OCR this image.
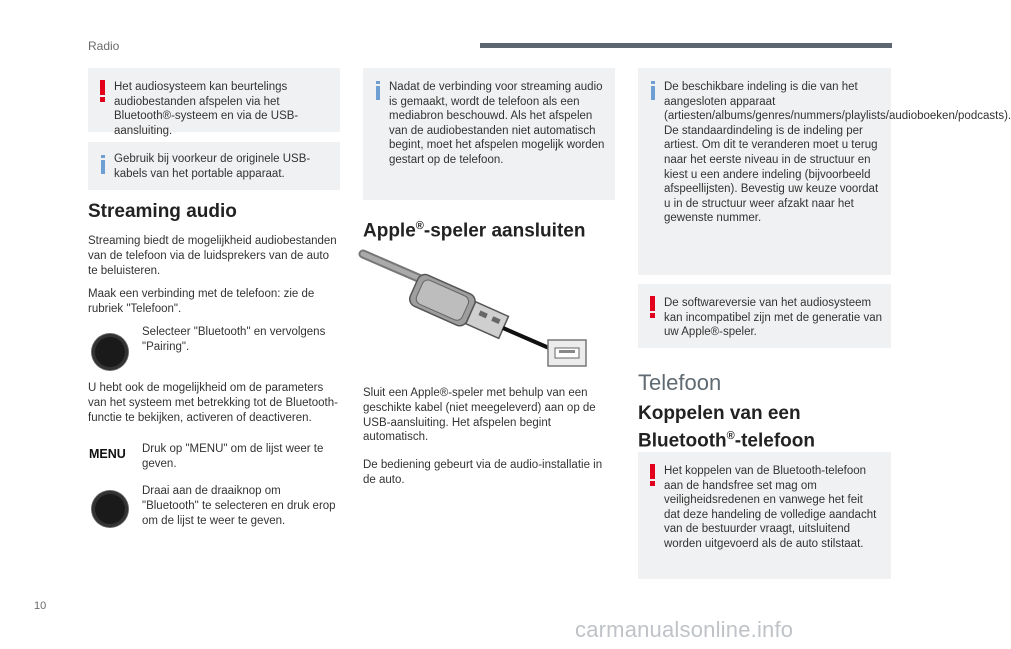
Radio

Het audiosysteem kan beurtelings audiobestanden afspelen via het Bluetooth®-systeem en via de USB-aansluiting.

Gebruik bij voorkeur de originele USB-kabels van het portable apparaat.

Streaming audio

Streaming biedt de mogelijkheid audiobestanden van de telefoon via de luidsprekers van de auto te beluisteren.

Maak een verbinding met de telefoon: zie de rubriek "Telefoon".

Selecteer "Bluetooth" en vervolgens "Pairing".

U hebt ook de mogelijkheid om de parameters van het systeem met betrekking tot de Bluetooth-functie te bekijken, activeren of deactiveren.

MENU Druk op "MENU" om de lijst weer te geven.

Draai aan de draaiknop om "Bluetooth" te selecteren en druk erop om de lijst te weer te geven.

Nadat de verbinding voor streaming audio is gemaakt, wordt de telefoon als een mediabron beschouwd. Als het afspelen van de audiobestanden niet automatisch begint, moet het afspelen mogelijk worden gestart op de telefoon.

Apple®-speler aansluiten

Sluit een Apple®-speler met behulp van een geschikte kabel (niet meegeleverd) aan op de USB-aansluiting. Het afspelen begint automatisch.

De bediening gebeurt via de audio-installatie in de auto.

De beschikbare indeling is die van het aangesloten apparaat (artiesten/albums/genres/nummers/playlists/audioboeken/podcasts). De standaardindeling is de indeling per artiest. Om dit te veranderen moet u terug naar het eerste niveau in de structuur en kiest u een andere indeling (bijvoorbeeld afspeellijsten). Bevestig uw keuze voordat u in de structuur weer afzakt naar het gewenste nummer.

De softwareversie van het audiosysteem kan incompatibel zijn met de generatie van uw Apple®-speler.

Telefoon
Koppelen van een
Bluetooth®-telefoon

Het koppelen van de Bluetooth-telefoon aan de handsfree set mag om veiligheidsredenen en vanwege het feit dat deze handeling de volledige aandacht van de bestuurder vraagt, uitsluitend worden uitgevoerd als de auto stilstaat.

10
carmanualsonline.info
